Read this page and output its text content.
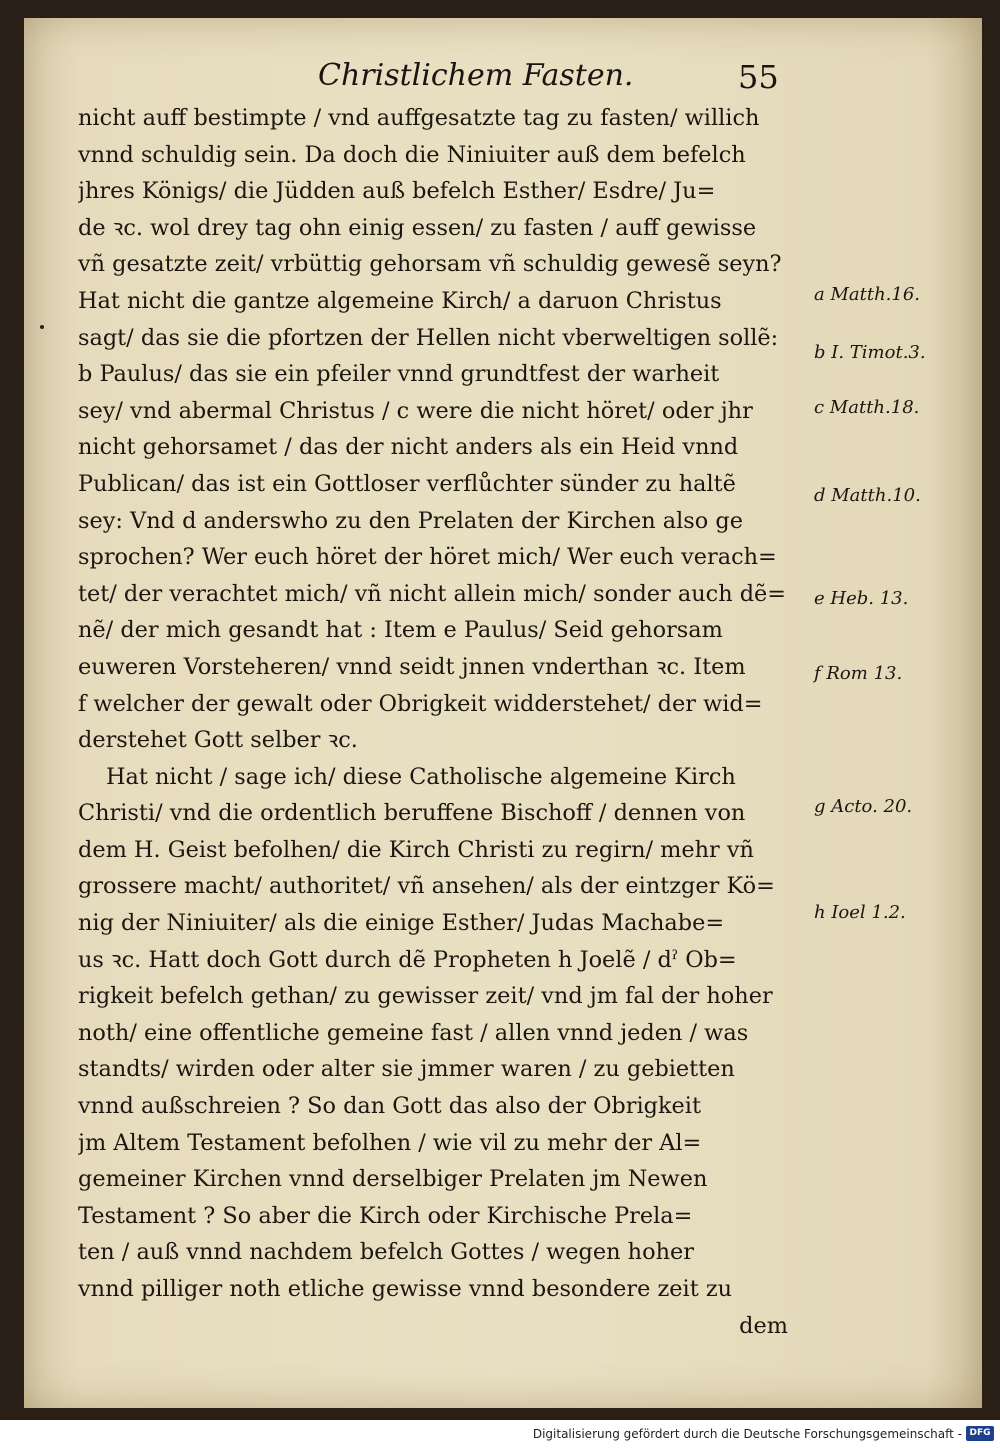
Christlichem Fasten.	55
nicht auff bestimpte / vnd auffgesatzte tag zu fasten/ willich
vnnd schuldig sein. Da doch die Niniuiter auß dem befelch
jhres Königs/ die Jüdden auß befelch Esther/ Esdre/ Ju=
de ꝛc. wol drey tag ohn einig essen/ zu fasten / auff gewisse
vñ gesatzte zeit/ vrbüttig gehorsam vñ schuldig gewesẽ seyn?
Hat nicht die gantze algemeine Kirch/ a daruon Christus
sagt/ das sie die pfortzen der Hellen nicht vberweltigen sollẽ:
b Paulus/ das sie ein pfeiler vnnd grundtfest der warheit
sey/ vnd abermal Christus / c were die nicht höret/ oder jhr
nicht gehorsamet / das der nicht anders als ein Heid vnnd
Publican/ das ist ein Gottloser verflůchter sünder zu haltẽ
sey: Vnd d anderswho zu den Prelaten der Kirchen also ge
sprochen? Wer euch höret der höret mich/ Wer euch verach=
tet/ der verachtet mich/ vñ nicht allein mich/ sonder auch dẽ=
nẽ/ der mich gesandt hat : Item e Paulus/ Seid gehorsam
euweren Vorsteheren/ vnnd seidt jnnen vnderthan ꝛc. Item
f welcher der gewalt oder Obrigkeit widderstehet/ der wid=
derstehet Gott selber ꝛc.
Hat nicht / sage ich/ diese Catholische algemeine Kirch
Christi/ vnd die ordentlich beruffene Bischoff / dennen von
dem H. Geist befolhen/ die Kirch Christi zu regirn/ mehr vñ
grossere macht/ authoritet/ vñ ansehen/ als der eintzger Kö=
nig der Niniuiter/ als die einige Esther/ Judas Machabe=
us ꝛc. Hatt doch Gott durch dẽ Propheten h Joelẽ / dˀ Ob=
rigkeit befelch gethan/ zu gewisser zeit/ vnd jm fal der hoher
noth/ eine offentliche gemeine fast / allen vnnd jeden / was
standts/ wirden oder alter sie jmmer waren / zu gebietten
vnnd außschreien ? So dan Gott das also der Obrigkeit
jm Altem Testament befolhen / wie vil zu mehr der Al=
gemeiner Kirchen vnnd derselbiger Prelaten jm Newen
Testament ? So aber die Kirch oder Kirchische Prela=
ten / auß vnnd nachdem befelch Gottes / wegen hoher
vnnd pilliger noth etliche gewisse vnnd besondere zeit zu
dem
a Matth.16.
b I. Timot.3.
c Matth.18.
d Matth.10.
e Heb. 13.
f Rom 13.
g Acto. 20.
h Ioel 1.2.
Digitalisierung gefördert durch die Deutsche Forschungsgemeinschaft - DFG
